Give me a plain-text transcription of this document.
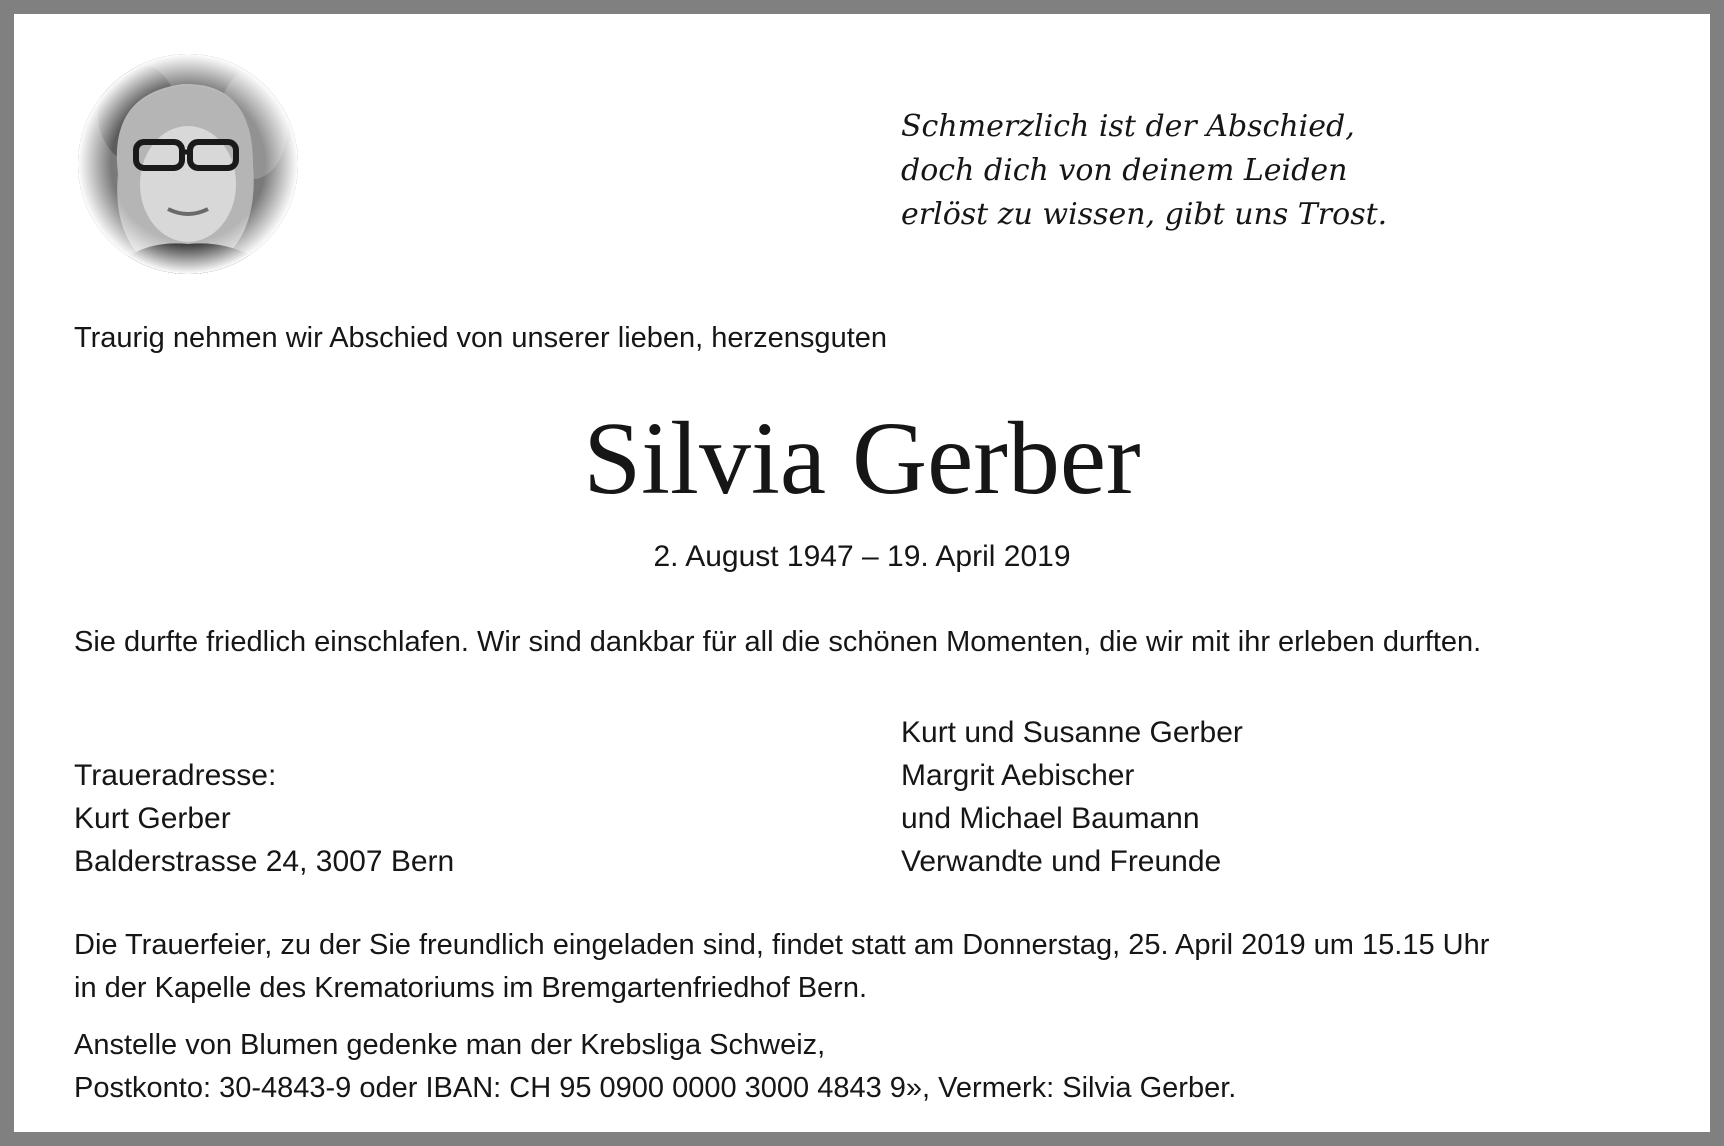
Schmerzlich ist der Abschied,
doch dich von deinem Leiden
erlöst zu wissen, gibt uns Trost.
Traurig nehmen wir Abschied von unserer lieben, herzensguten
Silvia Gerber
2. August 1947 – 19. April 2019
Sie durfte friedlich einschlafen. Wir sind dankbar für all die schönen Momenten, die wir mit ihr erleben durften.
Kurt und Susanne Gerber
Margrit Aebischer
und Michael Baumann
Verwandte und Freunde
Traueradresse:
Kurt Gerber
Balderstrasse 24, 3007 Bern
Die Trauerfeier, zu der Sie freundlich eingeladen sind, findet statt am Donnerstag, 25. April 2019 um 15.15 Uhr
in der Kapelle des Krematoriums im Bremgartenfriedhof Bern.
Anstelle von Blumen gedenke man der Krebsliga Schweiz,
Postkonto: 30-4843-9 oder IBAN: CH 95 0900 0000 3000 4843 9», Vermerk: Silvia Gerber.
